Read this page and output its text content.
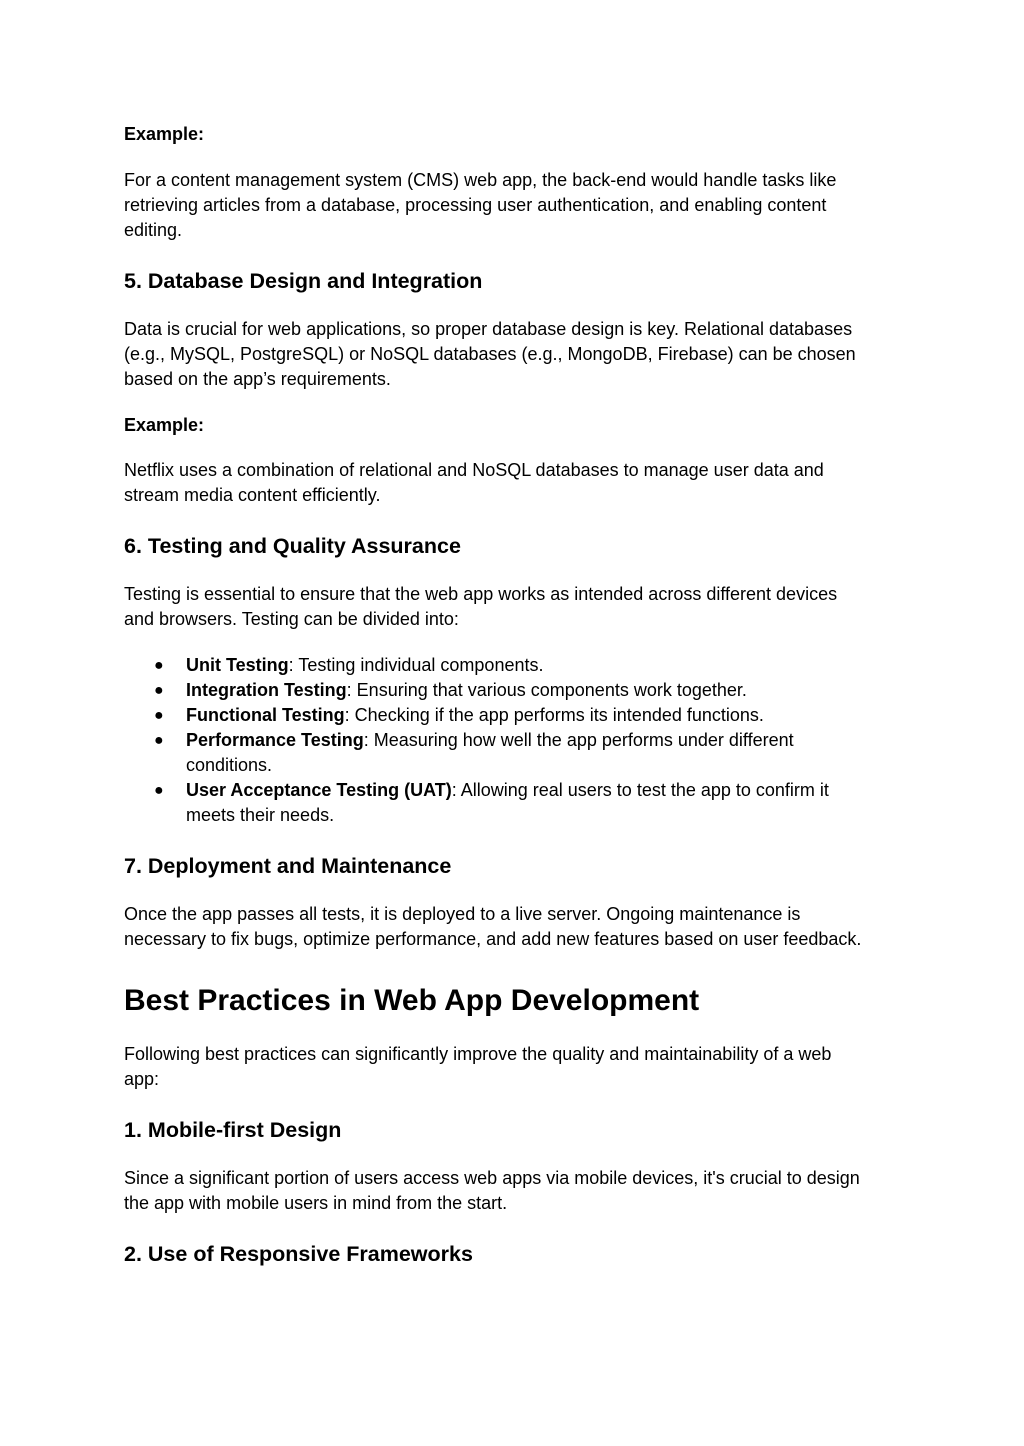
Example:

For a content management system (CMS) web app, the back-end would handle tasks like

retrieving articles from a database, processing user authentication, and enabling content

editing.

5. Database Design and Integration

Data is crucial for web applications, so proper database design is key. Relational databases

(e.g., MySQL, PostgreSQL) or NoSQL databases (e.g., MongoDB, Firebase) can be chosen

based on the app’s requirements.

Example:

Netflix uses a combination of relational and NoSQL databases to manage user data and

stream media content efficiently.

6. Testing and Quality Assurance

Testing is essential to ensure that the web app works as intended across different devices

and browsers. Testing can be divided into:

● Unit Testing: Testing individual components.
● Integration Testing: Ensuring that various components work together.
● Functional Testing: Checking if the app performs its intended functions.
● Performance Testing: Measuring how well the app performs under different
conditions.
● User Acceptance Testing (UAT): Allowing real users to test the app to confirm it
meets their needs.
7. Deployment and Maintenance

Once the app passes all tests, it is deployed to a live server. Ongoing maintenance is

necessary to fix bugs, optimize performance, and add new features based on user feedback.

Best Practices in Web App Development

Following best practices can significantly improve the quality and maintainability of a web

app:

1. Mobile-first Design

Since a significant portion of users access web apps via mobile devices, it's crucial to design

the app with mobile users in mind from the start.

2. Use of Responsive Frameworks
